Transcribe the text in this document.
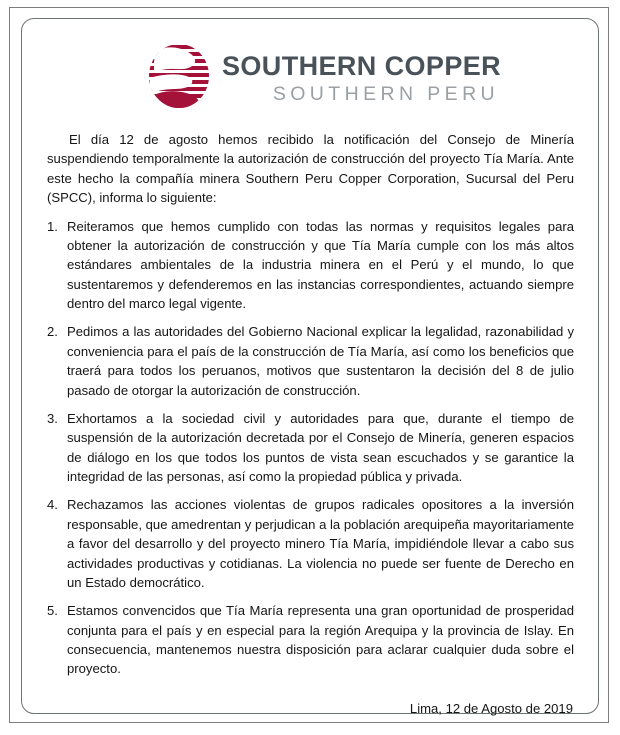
SOUTHERN COPPER
SOUTHERN PERU

El día 12 de agosto hemos recibido la notificación del Consejo de Minería suspendiendo temporalmente la autorización de construcción del proyecto Tía María. Ante este hecho la compañía minera Southern Peru Copper Corporation, Sucursal del Peru (SPCC), informa lo siguiente:

1. Reiteramos que hemos cumplido con todas las normas y requisitos legales para obtener la autorización de construcción y que Tía María cumple con los más altos estándares ambientales de la industria minera en el Perú y el mundo, lo que sustentaremos y defenderemos en las instancias correspondientes, actuando siempre dentro del marco legal vigente.
2. Pedimos a las autoridades del Gobierno Nacional explicar la legalidad, razonabilidad y conveniencia para el país de la construcción de Tía María, así como los beneficios que traerá para todos los peruanos, motivos que sustentaron la decisión del 8 de julio pasado de otorgar la autorización de construcción.
3. Exhortamos a la sociedad civil y autoridades para que, durante el tiempo de suspensión de la autorización decretada por el Consejo de Minería, generen espacios de diálogo en los que todos los puntos de vista sean escuchados y se garantice la integridad de las personas, así como la propiedad pública y privada.
4. Rechazamos las acciones violentas de grupos radicales opositores a la inversión responsable, que amedrentan y perjudican a la población arequipeña mayoritariamente a favor del desarrollo y del proyecto minero Tía María, impidiéndole llevar a cabo sus actividades productivas y cotidianas. La violencia no puede ser fuente de Derecho en un Estado democrático.
5. Estamos convencidos que Tía María representa una gran oportunidad de prosperidad conjunta para el país y en especial para la región Arequipa y la provincia de Islay. En consecuencia, mantenemos nuestra disposición para aclarar cualquier duda sobre el proyecto.
Lima, 12 de Agosto de 2019
